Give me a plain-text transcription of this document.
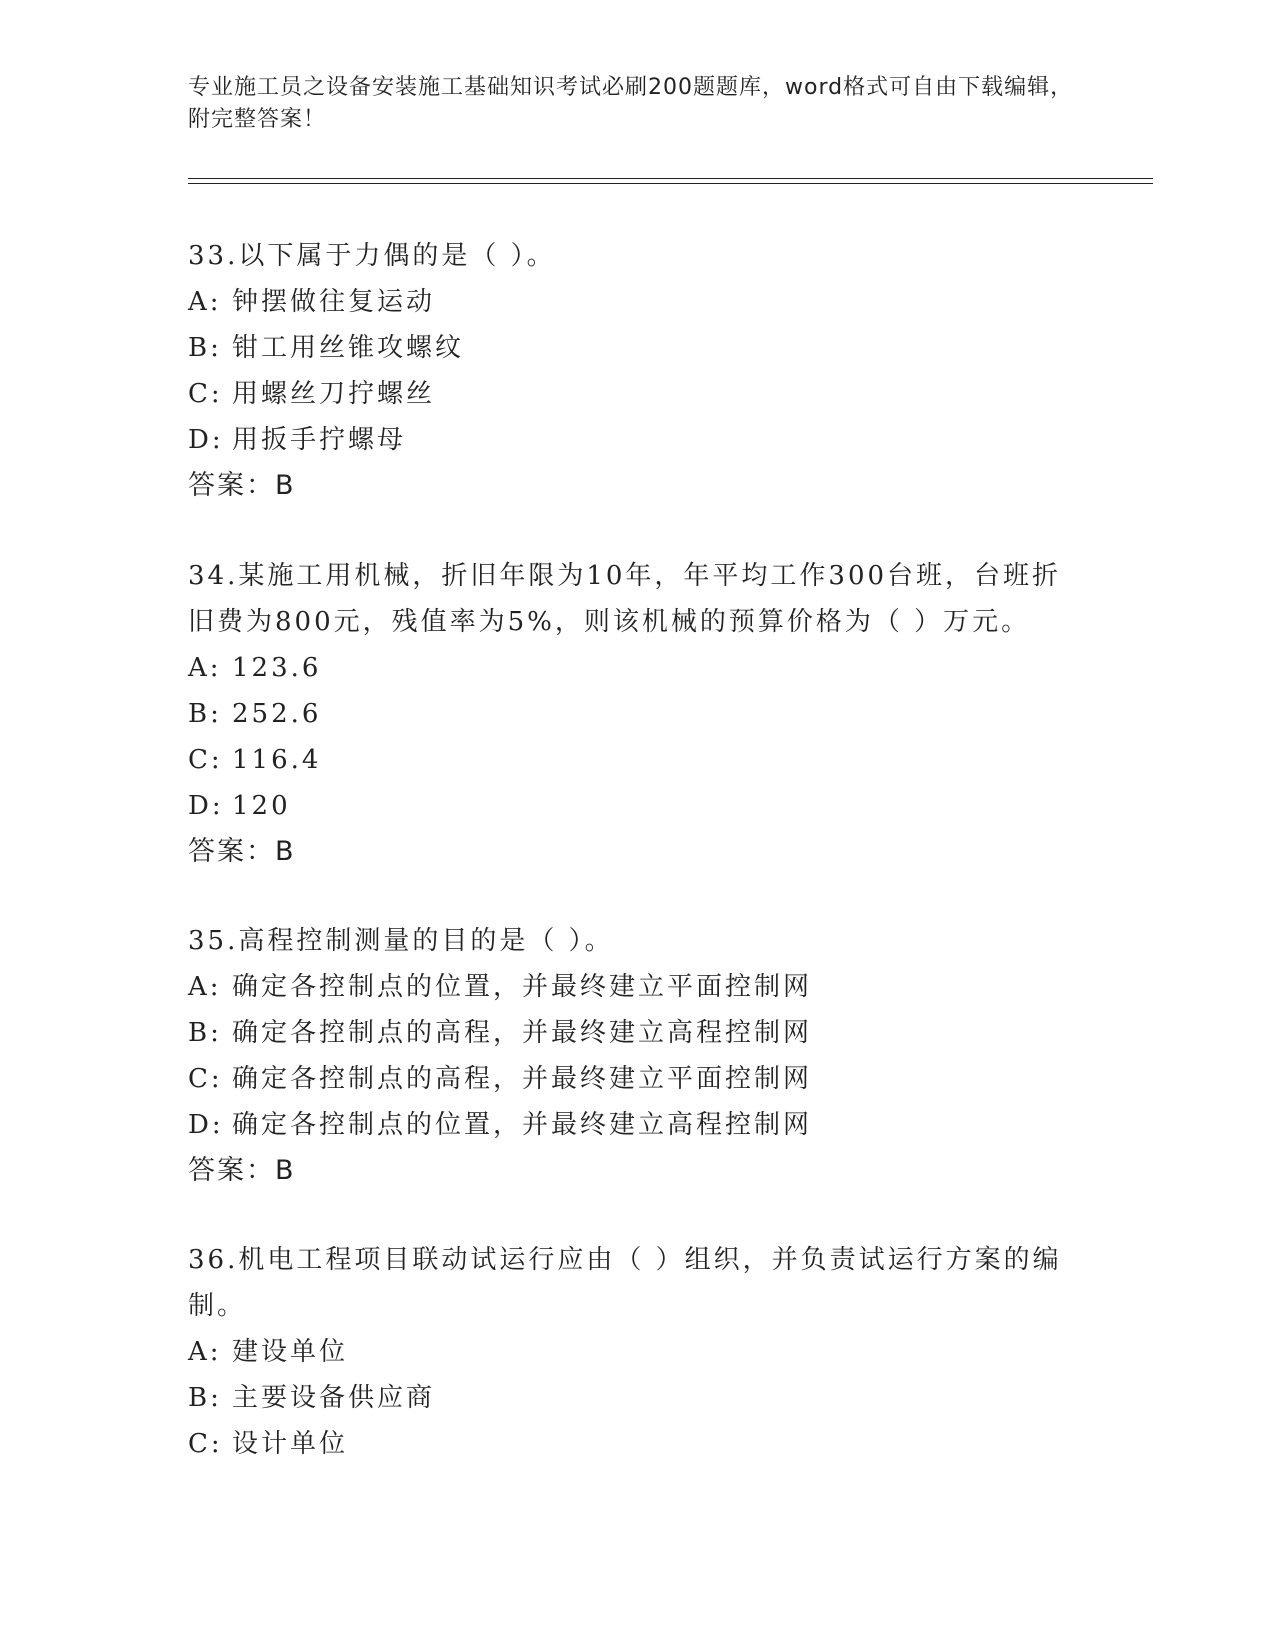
专业施工员之设备安装施工基础知识考试必刷200题题库，word格式可自由下载编辑，附完整答案！

33.以下属于力偶的是（ ）。

A: 钟摆做往复运动

B: 钳工用丝锥攻螺纹

C: 用螺丝刀拧螺丝

D: 用扳手拧螺母

答案：B

34.某施工用机械，折旧年限为10年，年平均工作300台班，台班折旧费为800元，残值率为5%，则该机械的预算价格为（ ）万元。

A: 123.6

B: 252.6

C: 116.4

D: 120

答案：B

35.高程控制测量的目的是（ ）。

A: 确定各控制点的位置，并最终建立平面控制网

B: 确定各控制点的高程，并最终建立高程控制网

C: 确定各控制点的高程，并最终建立平面控制网

D: 确定各控制点的位置，并最终建立高程控制网

答案：B

36.机电工程项目联动试运行应由（ ）组织，并负责试运行方案的编制。

A: 建设单位

B: 主要设备供应商

C: 设计单位
